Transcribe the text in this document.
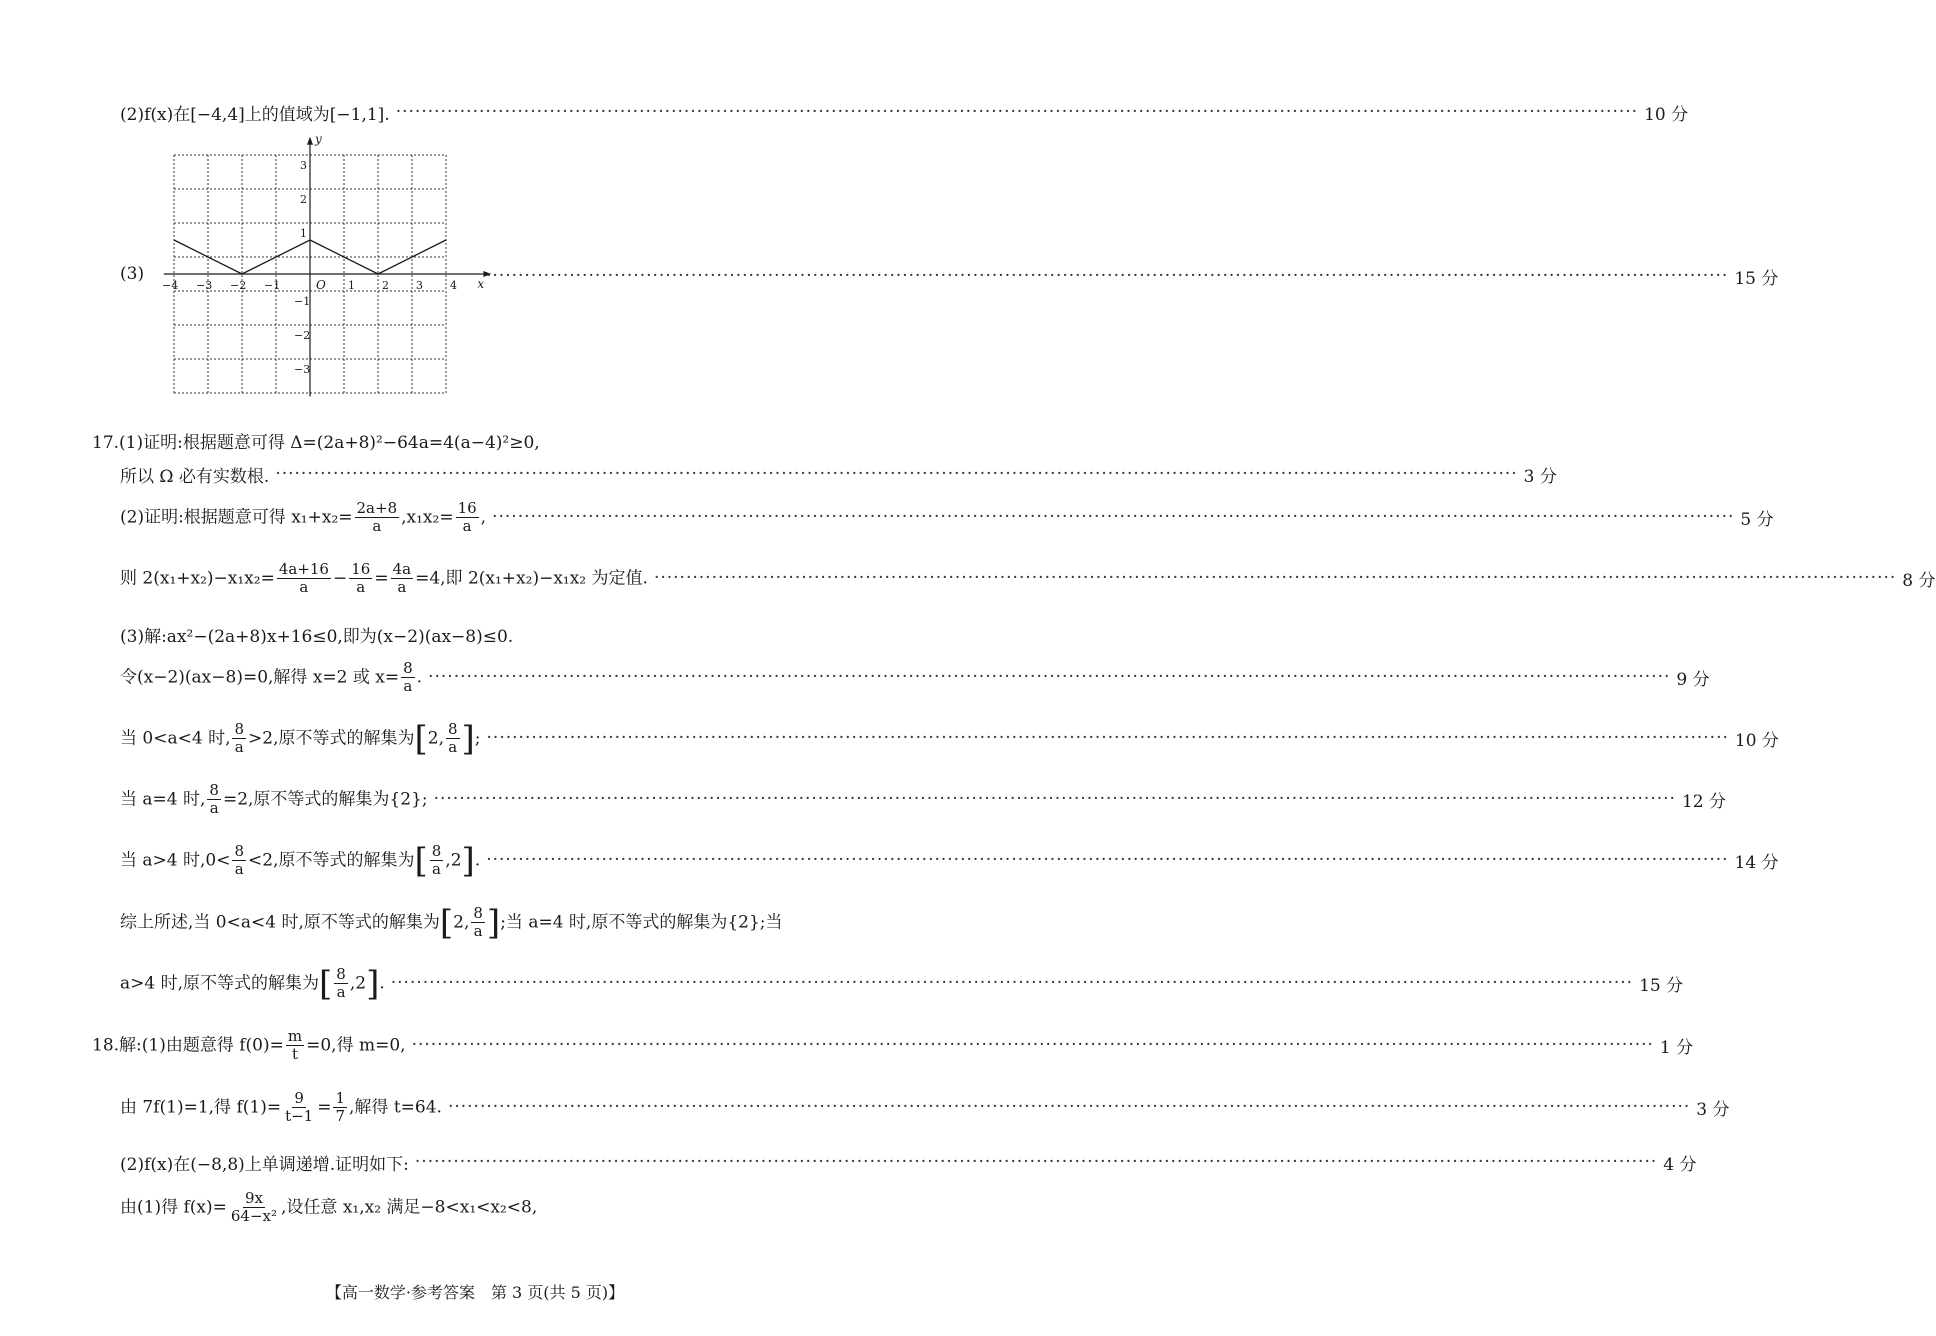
(2)f(x)在[−4,4]上的值域为[−1,1]. ·····	10 分
−4 −3 −2 −1	1 2 3 4
3
2
1
−1
−2
−3
x
y
O
(3) ·····	15 分
17.(1)证明:根据题意可得 Δ=(2a+8)²−64a=4(a−4)²≥0,
所以 Ω 必有实数根. ·····	3 分
(2)证明:根据题意可得 $x_1+x_2= \frac{2a+8}{a} ,x_1x_2= \frac{16}{a}$ , ·····	5 分
则 $2(x_1+x_2)-x_1x_2= \frac{4a+16}{a} - \frac{16}{a} = \frac{4a}{a} =4$,即 2(x₁+x₂)−x₁x₂ 为定值. ·····	8 分
(3)解:ax²−(2a+8)x+16≤0,即为(x−2)(ax−8)≤0.
令(x−2)(ax−8)=0,解得 x=2 或 $x= \frac{8}{a}$ . ·····	9 分
当 0<a<4 时, $\frac{8}{a} >2$,原不等式的解集为[2, $\frac{8}{a}$ ]; ·····	10 分
当 a=4 时, $\frac{8}{a} =2$,原不等式的解集为{2}; ·····	12 分
当 a>4 时$,0< \frac{8}{a} <2$,原不等式的解集为[ $\frac{8}{a} ,2$]. ·····	14 分
综上所述,当 0<a<4 时,原不等式的解集为[2, $\frac{8}{a}$ ];当 a=4 时,原不等式的解集为{2};当
a>4 时,原不等式的解集为[ $\frac{8}{a} ,2$]. ·····	15 分
18.解:(1)由题意得 $f(0)= \frac{m}{t} =0$,得 m=0, ·····	1 分
由 7f(1)=1,得 $f(1)= \frac{9}{t-1} = \frac{1}{7}$ ,解得 t=64. ·····	3 分
(2)f(x)在(−8,8)上单调递增.证明如下: ·····	4 分
由(1)得 $f(x)= \frac{9x}{\text{64−x²}}$ ,设任意 x₁,x₂ 满足−8<x₁<x₂<8,
【高一数学·参考答案　第 3 页(共 5 页)】
